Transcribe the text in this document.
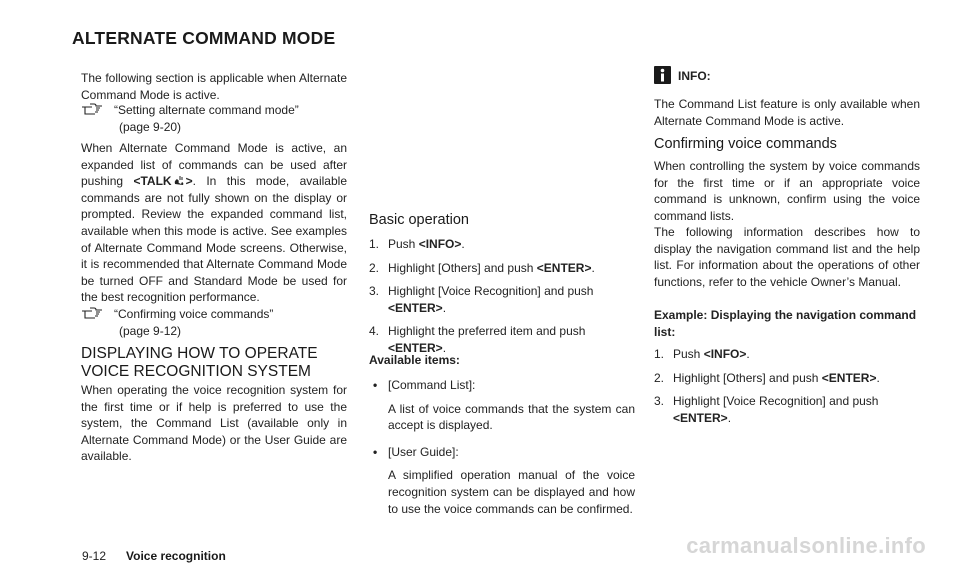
ALTERNATE COMMAND MODE

The following section is applicable when Alternate Command Mode is active.

“Setting alternate command mode”
(page 9-20)

When Alternate Command Mode is active, an expanded list of commands can be used after pushing <TALK >. In this mode, available commands are not fully shown on the display or prompted. Review the expanded command list, available when this mode is active. See examples of Alternate Command Mode screens. Otherwise, it is recommended that Alternate Command Mode be turned OFF and Standard Mode be used for the best recognition performance.

“Confirming voice commands”
(page 9-12)
DISPLAYING HOW TO OPERATE
VOICE RECOGNITION SYSTEM

When operating the voice recognition system for the first time or if help is preferred to use the system, the Command List (available only in Alternate Command Mode) or the User Guide are available.

Basic operation
1. Push <INFO>.
2. Highlight [Others] and push <ENTER>.
3. Highlight [Voice Recognition] and push <ENTER>.
4. Highlight the preferred item and push <ENTER>.
Available items:
• [Command List]:
A list of voice commands that the system can accept is displayed.
• [User Guide]:
A simplified operation manual of the voice recognition system can be displayed and how to use the voice commands can be confirmed.
INFO:

The Command List feature is only available when Alternate Command Mode is active.

Confirming voice commands

When controlling the system by voice commands for the first time or if an appropriate voice command is unknown, confirm using the voice command lists.

The following information describes how to display the navigation command list and the help list. For information about the operations of other functions, refer to the vehicle Owner’s Manual.

Example: Displaying the navigation command list:

1. Push <INFO>.
2. Highlight [Others] and push <ENTER>.
3. Highlight [Voice Recognition] and push <ENTER>.
9-12 Voice recognition	carmanualsonline.info
